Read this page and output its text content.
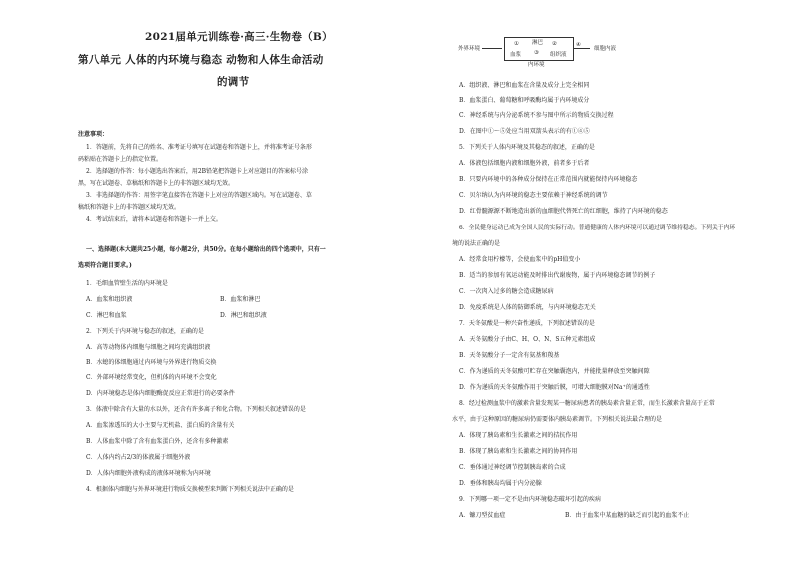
2021届单元训练卷·高三·生物卷（B）
第八单元 人体的内环境与稳态 动物和人体生命活动
的调节
注意事项：
1．答题前，先将自己的姓名、准考证号填写在试题卷和答题卡上，并将准考证号条形
码粘贴在答题卡上的指定位置。
2．选择题的作答：每小题选出答案后，用2B铅笔把答题卡上对应题目的答案标号涂
黑，写在试题卷、草稿纸和答题卡上的非答题区域均无效。
3．非选择题的作答：用签字笔直接答在答题卡上对应的答题区域内。写在试题卷、草
稿纸和答题卡上的非答题区域均无效。
4．考试结束后，请将本试题卷和答题卡一并上交。
一、选择题(本大题共25小题，每小题2分，共50分。在每小题给出的四个选项中，只有一
选项符合题目要求。)
1．毛细血管壁生活的内环境是
A．血浆和组织液	B．血浆和淋巴
C．淋巴和血浆	D．淋巴和组织液
2．下列关于内环境与稳态的叙述，正确的是
A．高等动物体内细胞与细胞之间均充满组织液
B．水螅的体细胞通过内环境与外界进行物质交换
C．外部环境经常变化，但机体的内环境不会变化
D．内环境稳态是体内细胞酶促反应正常进行的必要条件
3．体液中除含有大量的水以外，还含有许多离子和化合物。下列相关叙述错误的是
A．血浆渗透压的大小主要与无机盐、蛋白质的含量有关
B．人体血浆中除了含有血浆蛋白外，还含有多种激素
C．人体内约占2/3的体液属于细胞外液
D．人体内细胞外液构成的液体环境称为内环境
4．根据体内细胞与外界环境进行物质交换模型来判断下列相关说法中正确的是
外界环境
淋巴
血浆	组织液
①	②
③
④
细胞内液
内环境
A．组织液、淋巴和血浆在含量及成分上完全相同
B．血浆蛋白、葡萄糖和呼吸酶均属于内环境成分
C．神经系统与内分泌系统不参与图中所示的物质交换过程
D．在图中①～⑤处应当用双箭头表示的有①④⑤
5．下列关于人体内环境及其稳态的叙述，正确的是
A．体液包括细胞内液和细胞外液，前者多于后者
B．只要内环境中的各种成分保持在正常范围内就能保持内环境稳态
C．贝尔纳认为内环境的稳态主要依赖于神经系统的调节
D．红骨髓源源不断地造出新的血细胞代替死亡的红细胞，维持了内环境的稳态
6．全民健身运动已成为全国人民的实际行动。普通健康的人体内环境可以通过调节维持稳态。下列关于内环
境的说法正确的是
A．经常食用柠檬等，会使血浆中的pH值变小
B．适当的参加有氧运动能及时排出代谢废物，属于内环境稳态调节的例子
C．一次肉入过多的糖会造成糖尿病
D．免疫系统是人体的防御系统，与内环境稳态无关
7．天冬氨酸是一种兴奋性递质，下列叙述错误的是
A．天冬氨酸分子由C、H、O、N、S五种元素组成
B．天冬氨酸分子一定含有氨基和羧基
C．作为递质的天冬氨酸可贮存在突触囊泡内，并能批量释放至突触间隙
D．作为递质的天冬氨酸作用于突触后膜，可增大细胞膜对Na⁺的通透性
8．经过检测血浆中的激素含量发现某一糖尿病患者的胰岛素含量正常，而生长激素含量高于正常
水平，由于这种原因的糖尿病仍需要体内胰岛素调节。下列相关说法最合理的是
A．体现了胰岛素和生长激素之间的拮抗作用
B．体现了胰岛素和生长激素之间的协同作用
C．垂体通过神经调节控制胰岛素的合成
D．垂体和胰岛均属于内分泌腺
9．下列哪一项一定不是由内环境稳态破坏引起的疾病
A．镰刀型贫血症	B．由于血浆中某血糖的缺乏而引起的血浆不止
